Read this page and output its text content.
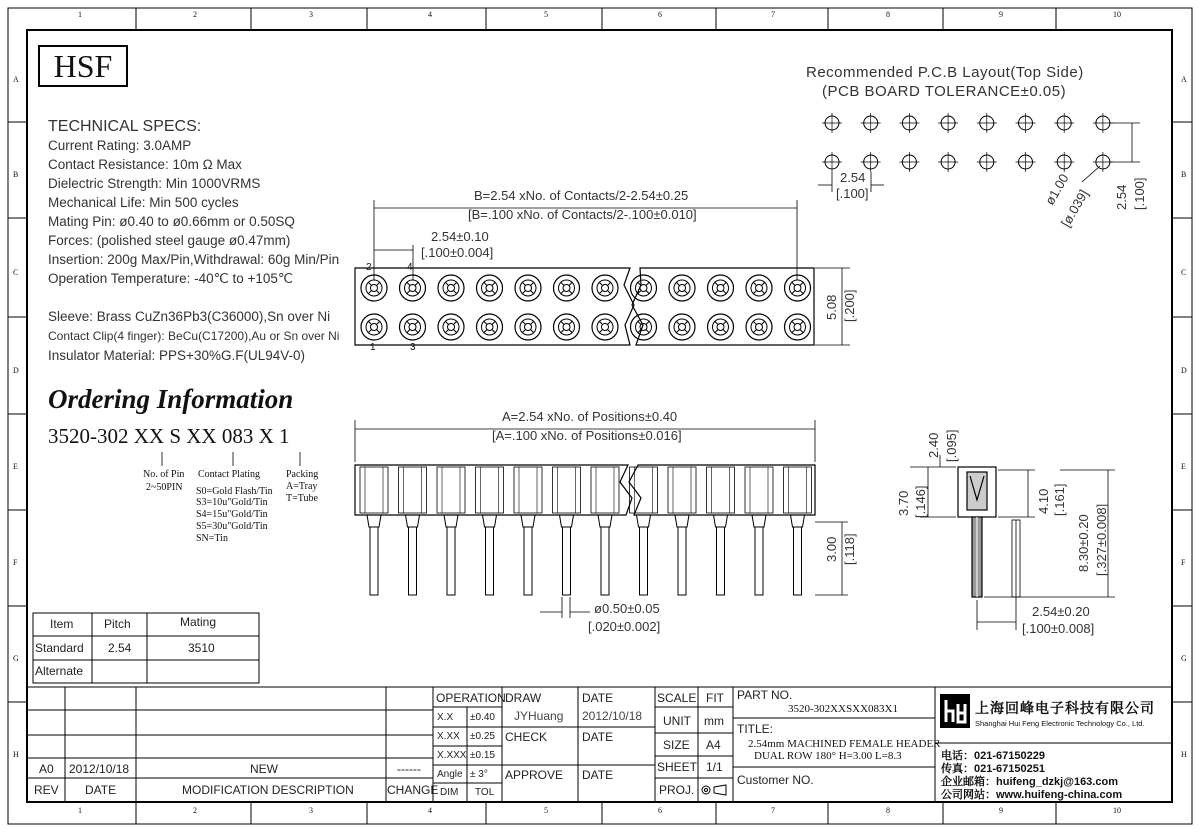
1
1
2
2
3
3
4
4
5
5
6
6
7
7
8
8
9
9
10
10
A	A
B	B
C	C
D	D
E	E
F	F
G	G
H	H
HSF
TECHNICAL SPECS:
Current Rating: 3.0AMP
Contact Resistance: 10m Ω Max
Dielectric Strength: Min 1000VRMS
Mechanical Life: Min 500 cycles
Mating Pin: ø0.40 to ø0.66mm or 0.50SQ
Forces: (polished steel gauge ø0.47mm)
Insertion: 200g Max/Pin,Withdrawal: 60g Min/Pin
Operation Temperature: -40℃ to +105℃
Sleeve: Brass CuZn36Pb3(C36000),Sn over Ni
Contact Clip(4 finger): BeCu(C17200),Au or Sn over Ni
Insulator Material: PPS+30%G.F(UL94V-0)
Ordering Information
3520-302 XX S XX 083 X 1
No. of Pin
2~50PIN
Contact Plating
S0=Gold Flash/Tin
S3=10u"Gold/Tin
S4=15u"Gold/Tin
S5=30u"Gold/Tin
SN=Tin
Packing
A=Tray
T=Tube
Item	Pitch	Mating
Standard 2.54	3510
Alternate
Recommended P.C.B Layout(Top Side)
(PCB BOARD TOLERANCE±0.05)
2.54
[.100]	ø1.00
[ø.039] 2.54 [.100]
B=2.54 xNo. of Contacts/2-2.54±0.25
[B=.100 xNo. of Contacts/2-.100±0.010]
2.54±0.10
[.100±0.004]
5.08 [.200]
2	4
1	3
A=2.54 xNo. of Positions±0.40
[A=.100 xNo. of Positions±0.016]
ø0.50±0.05
[.020±0.002]
3.00 [.118]
2.40 [.095]
3.70 [.146]	4.10 [.161]
8.30±0.20 [.327±0.008]
2.54±0.20
[.100±0.008]
A0 2012/10/18	NEW	------
REV DATE	MODIFICATION DESCRIPTION	CHANGE
OPERATION
X.X ±0.40
X.XX ±0.25
X.XXX ±0.15
Angle ± 3°
DIM TOL
DRAW
JYHuang
DATE
2012/10/18
CHECK	DATE
APPROVE DATE
SCALE FIT
UNIT mm
SIZE A4
SHEET 1/1
PROJ.
PART NO.
3520-302XXSXX083X1
TITLE:
2.54mm MACHINED FEMALE HEADER
DUAL ROW 180° H=3.00 L=8.3
Customer NO.
上海回峰电子科技有限公司
Shanghai Hui Feng Electronic Technology Co., Ltd.
电话：021-67150229
传真：021-67150251
企业邮箱：huifeng_dzkj@163.com
公司网站：www.huifeng-china.com
